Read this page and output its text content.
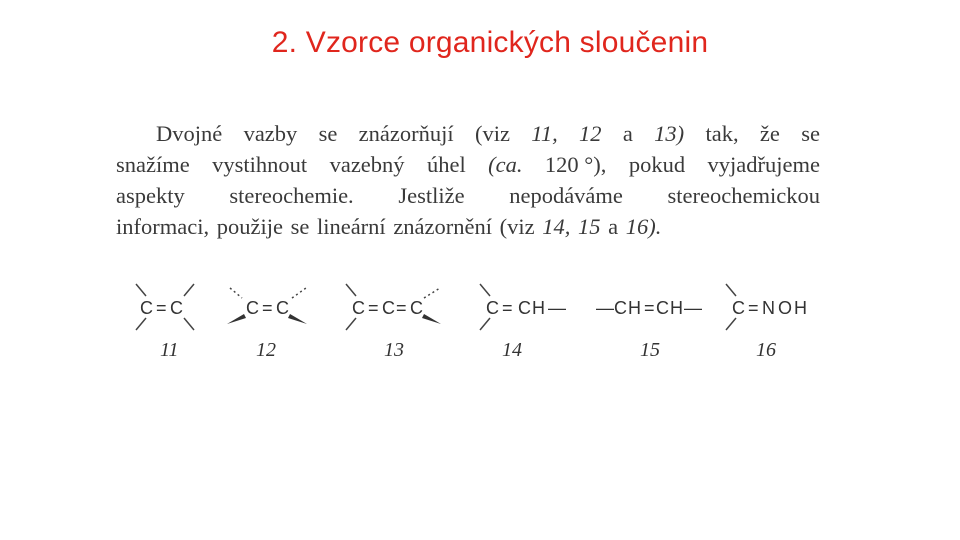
2. Vzorce organických sloučenin
Dvojné vazby se znázorňují (viz 11, 12 a 13) tak, že se
snažíme vystihnout vazebný úhel (ca. 120 °), pokud vyjadřujeme
aspekty stereochemie. Jestliže nepodáváme stereochemickou
informaci,
použije
se
lineární
znázornění
(viz
14,
15
a
16).
C = C	C = C	C = C = C	C = C H — — C H = C H — C = N O H
11	12	13	14	15	16
